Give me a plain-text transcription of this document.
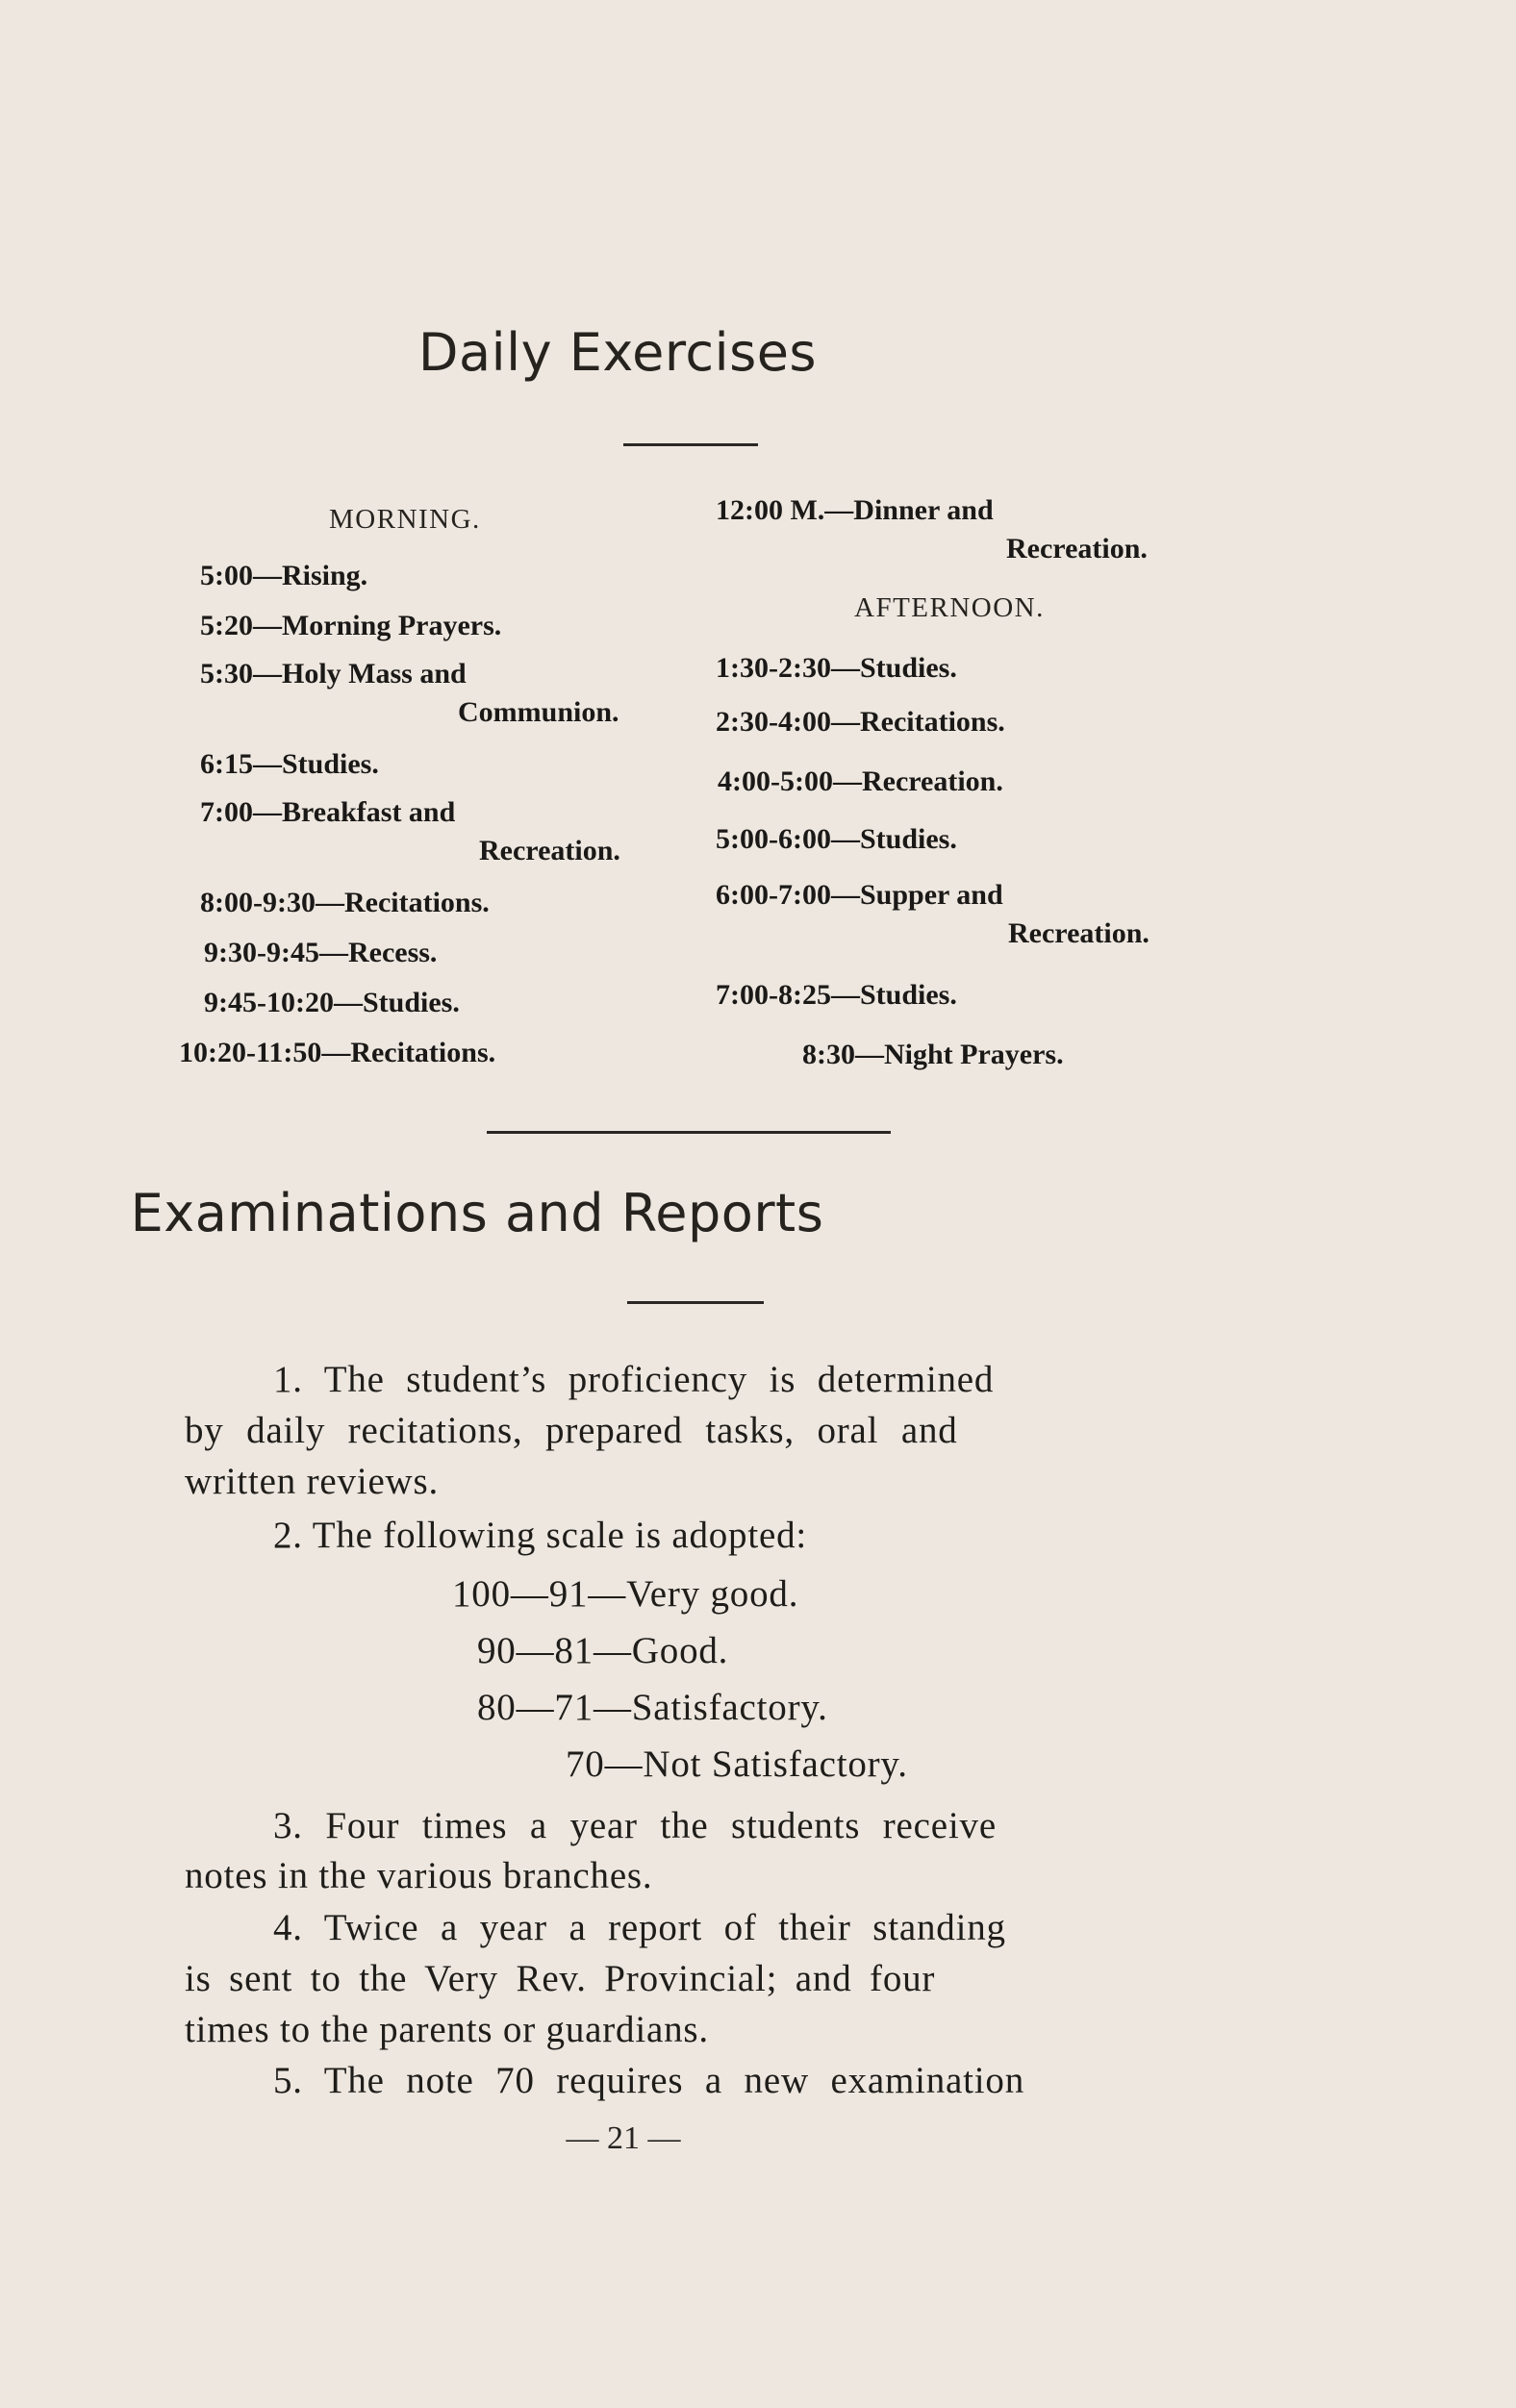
Daily Exercises
MORNING.
5:00—Rising.
5:20—Morning Prayers.
5:30—Holy Mass and
Communion.
6:15—Studies.
7:00—Breakfast and
Recreation.
8:00-9:30—Recitations.
9:30-9:45—Recess.
9:45-10:20—Studies.
10:20-11:50—Recitations.
12:00 M.—Dinner and
Recreation.
AFTERNOON.
1:30-2:30—Studies.
2:30-4:00—Recitations.
4:00-5:00—Recreation.
5:00-6:00—Studies.
6:00-7:00—Supper and
Recreation.
7:00-8:25—Studies.
8:30—Night Prayers.
Examinations and Reports
1. The student’s proficiency is determined
by daily recitations, prepared tasks, oral and
written reviews.
2. The following scale is adopted:
100—91—Very good.
90—81—Good.
80—71—Satisfactory.
70—Not Satisfactory.
3. Four times a year the students receive
notes in the various branches.
4. Twice a year a report of their standing
is sent to the Very Rev. Provincial; and four
times to the parents or guardians.
5. The note 70 requires a new examination
— 21 —
